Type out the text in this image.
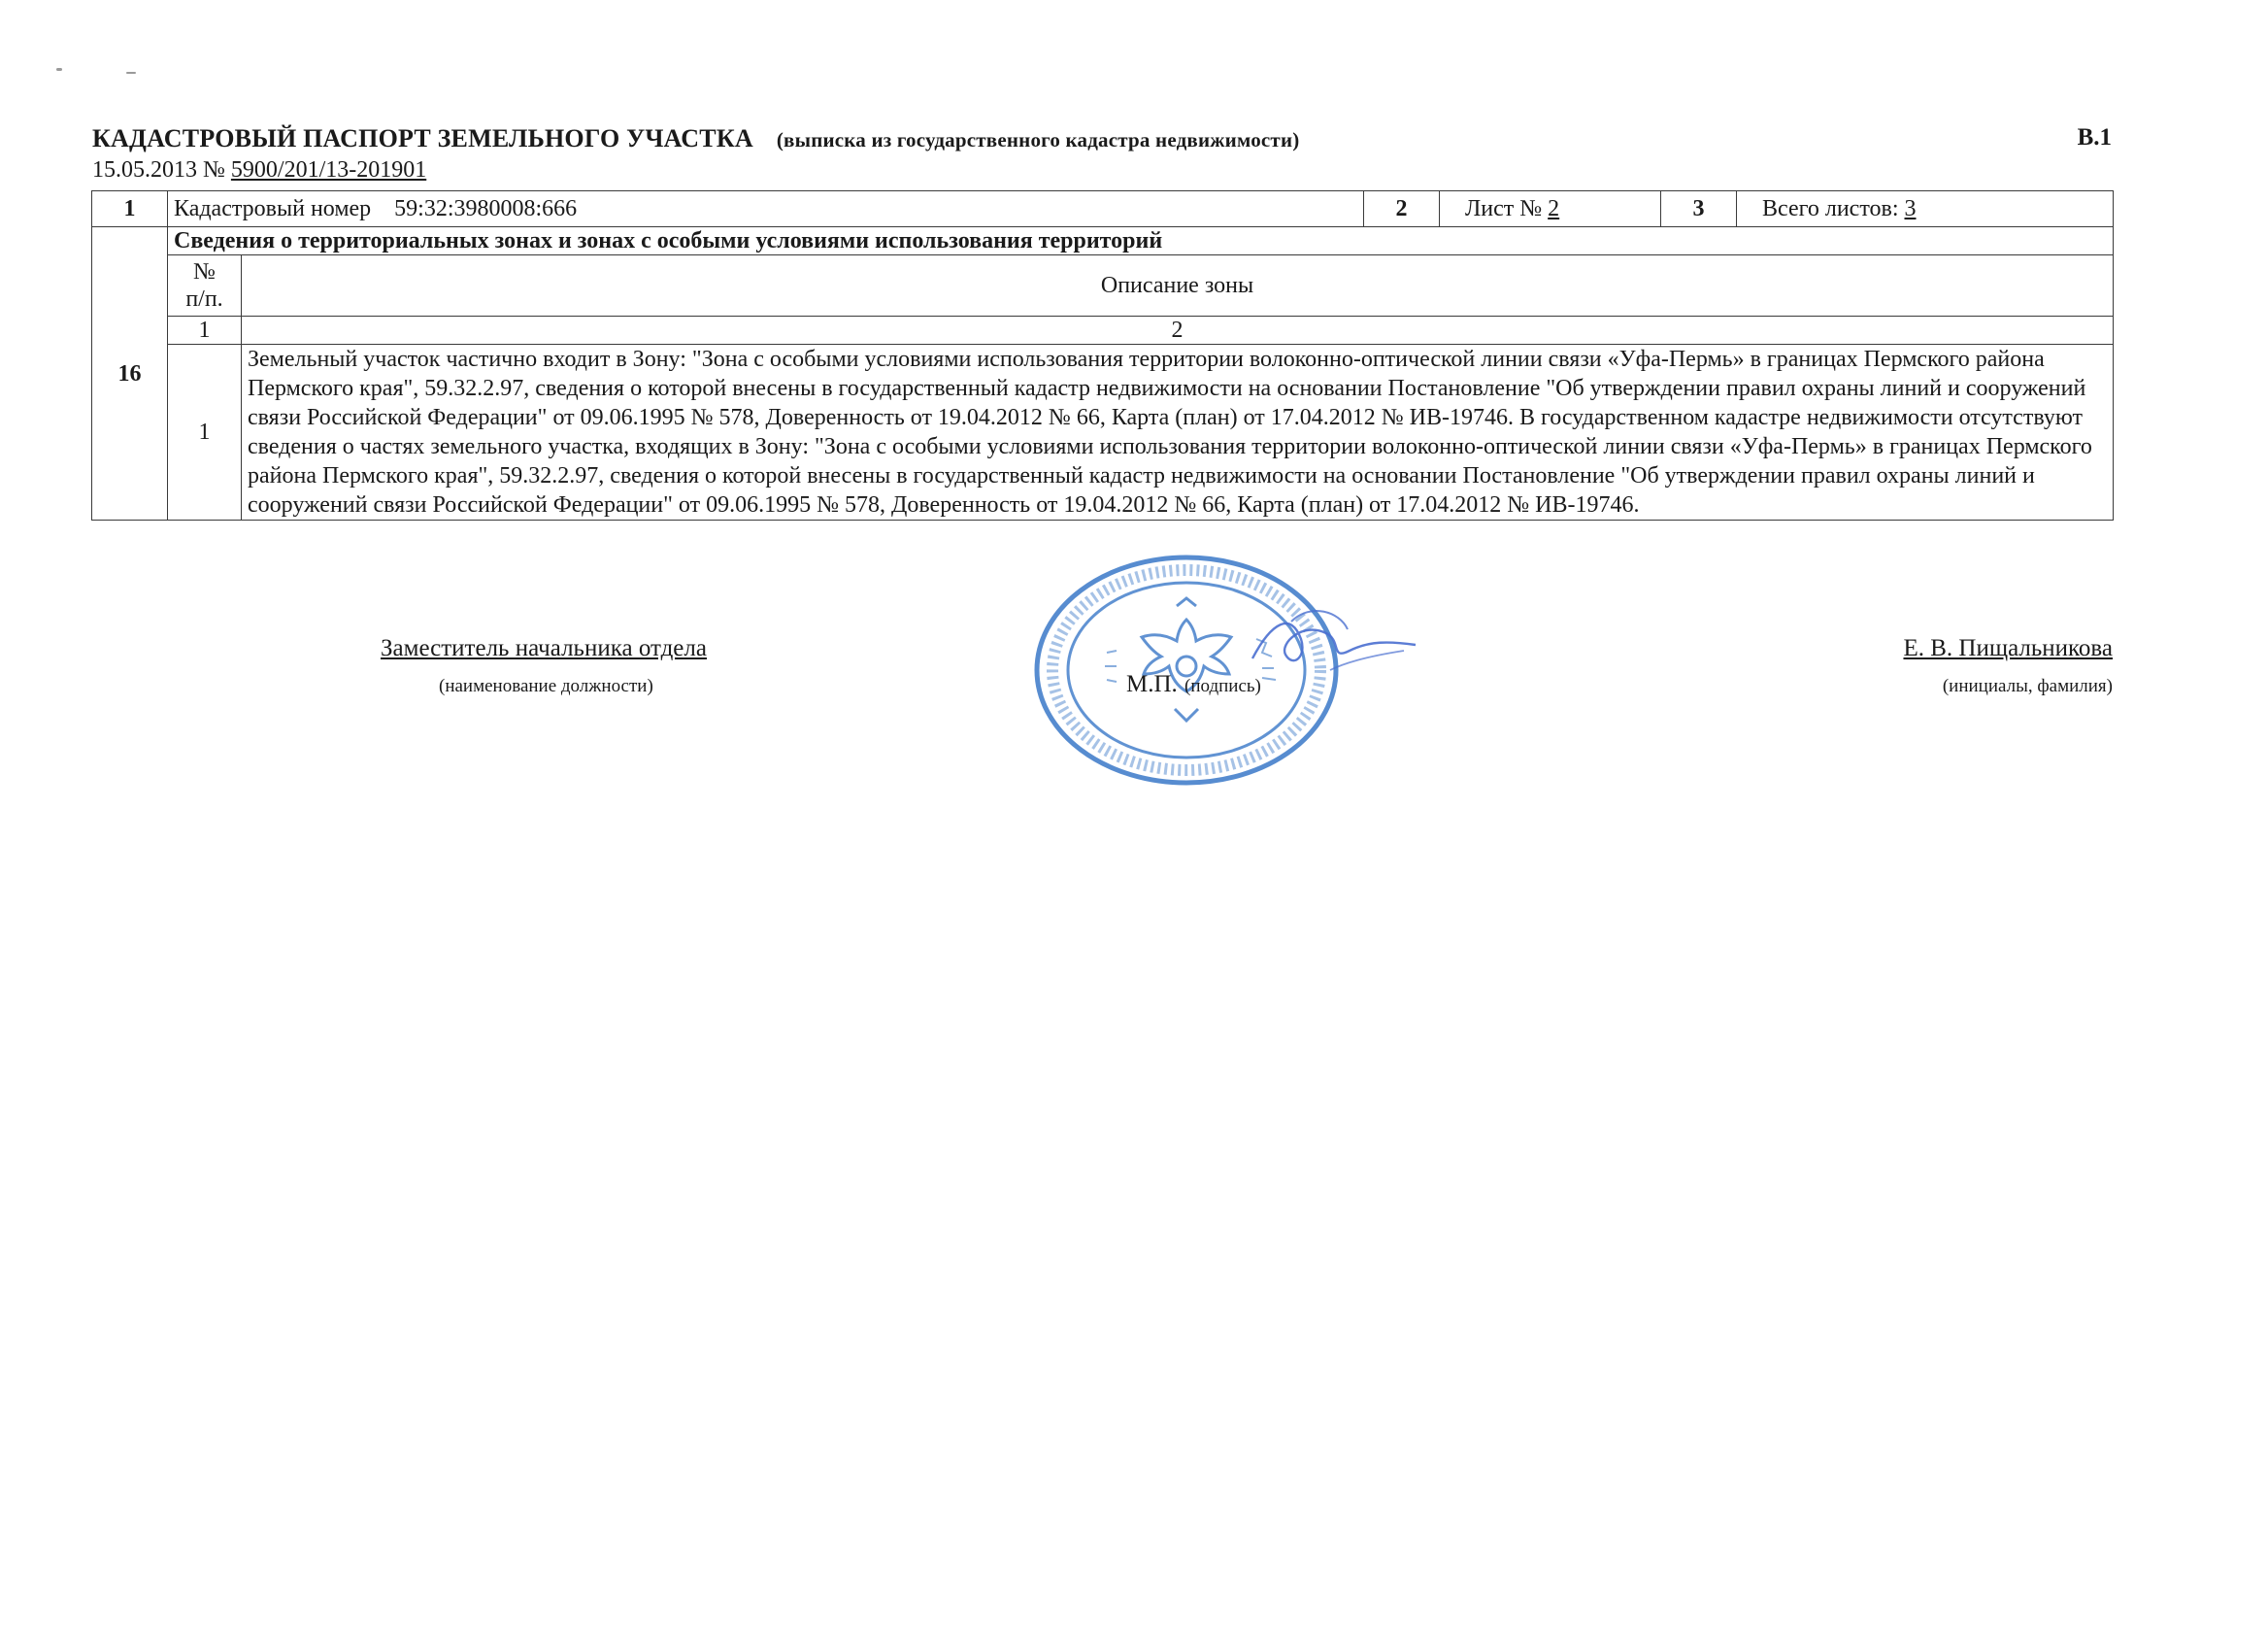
КАДАСТРОВЫЙ ПАСПОРТ ЗЕМЕЛЬНОГО УЧАСТКА (выписка из государственного кадастра недвижимости)	В.1
15.05.2013 № 5900/201/13-201901
1	Кадастровый номер 59:32:3980008:666		2	Лист № 2	3	Всего листов: 3
16	Сведения о территориальных зонах и зонах с особыми условиями использования территорий					
	№ п/п.	Описание зоны				
	1	2				
	1	Земельный участок частично входит в Зону: "Зона с особыми условиями использования территории волоконно-оптической линии связи «Уфа-Пермь» в границах Пермского района Пермского края", 59.32.2.97, сведения о которой внесены в государственный кадастр недвижимости на основании Постановление "Об утверждении правил охраны линий и сооружений связи Российской Федерации" от 09.06.1995 № 578, Доверенность от 19.04.2012 № 66, Карта (план) от 17.04.2012 № ИВ-19746. В государственном кадастре недвижимости отсутствуют сведения о частях земельного участка, входящих в Зону: "Зона с особыми условиями использования территории волоконно-оптической линии связи «Уфа-Пермь» в границах Пермского района Пермского края", 59.32.2.97, сведения о которой внесены в государственный кадастр недвижимости на основании Постановление "Об утверждении правил охраны линий и сооружений связи Российской Федерации" от 09.06.1995 № 578, Доверенность от 19.04.2012 № 66, Карта (план) от 17.04.2012 № ИВ-19746.				
Заместитель начальника отдела
(наименование должности)	М.П. (подпись)
Е. В. Пищальникова
(инициалы, фамилия)
